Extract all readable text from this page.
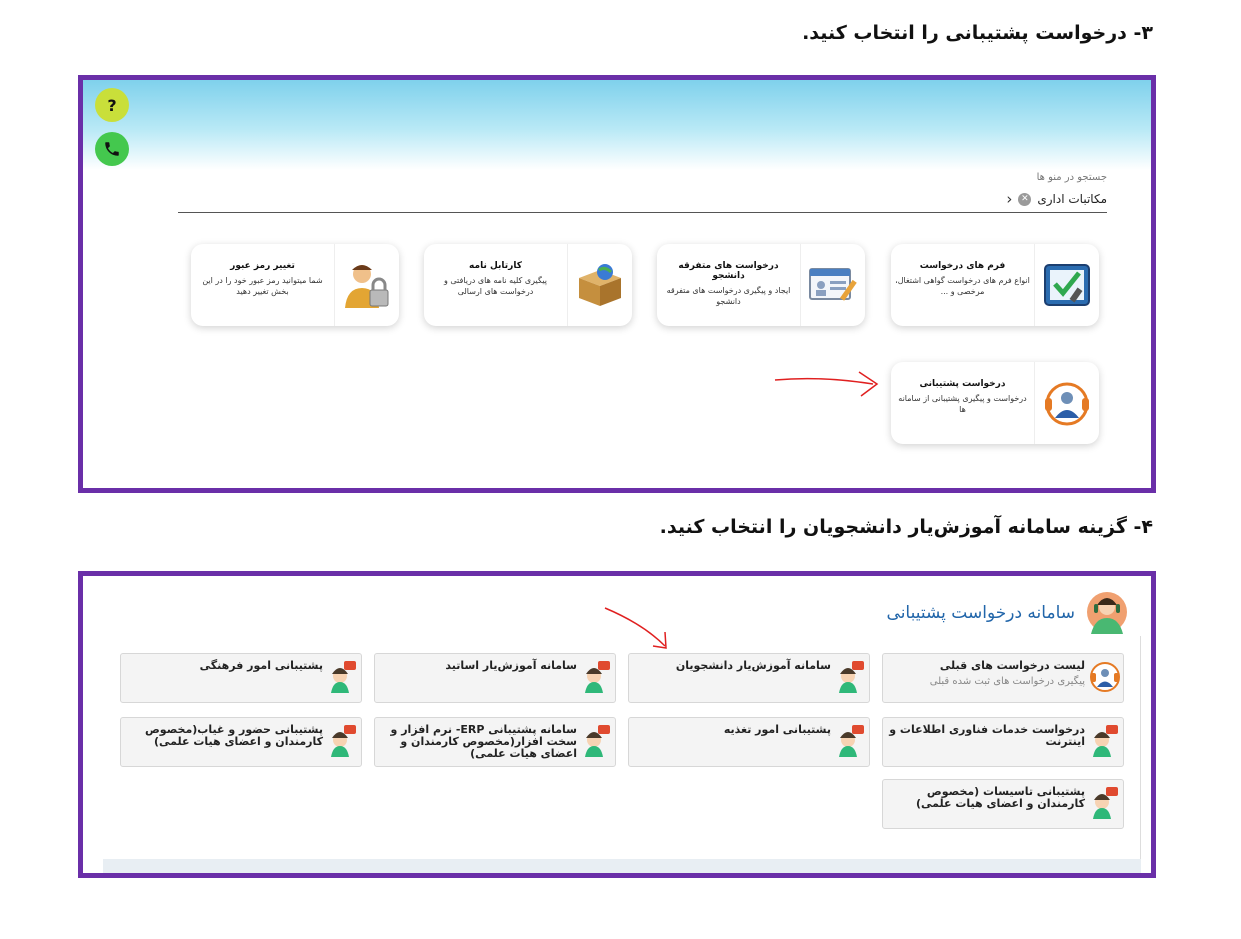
۳- درخواست پشتیبانی را انتخاب کنید.
?
جستجو در منو ها
مکاتبات اداری
✕
‹
فرم های درخواست
انواع فرم های درخواست گواهی اشتغال، مرخصی و ...
درخواست های متفرقه دانشجو
ایجاد و پیگیری درخواست های متفرقه دانشجو
کارتابل نامه
پیگیری کلیه نامه های دریافتی و درخواست های ارسالی
تغییر رمز عبور
شما میتوانید رمز عبور خود را در این بخش تغییر دهید
درخواست پشتیبانی
درخواست و پیگیری پشتیبانی از سامانه ها
۴- گزینه سامانه آموزش‌یار دانشجویان را انتخاب کنید.
سامانه درخواست پشتیبانی
لیست درخواست های قبلی
پیگیری درخواست های ثبت شده قبلی
سامانه آموزش‌یار دانشجویان
سامانه آموزش‌یار اساتید
پشتیبانی امور فرهنگی
درخواست خدمات فناوری اطلاعات و اینترنت
پشتیبانی امور تغذیه
سامانه پشتیبانی ERP- نرم افزار و سخت افزار(مخصوص کارمندان و اعضای هیات علمی)
پشتیبانی حضور و غیاب(مخصوص کارمندان و اعضای هیات علمی)
پشتیبانی تاسیسات (مخصوص کارمندان و اعضای هیات علمی)
